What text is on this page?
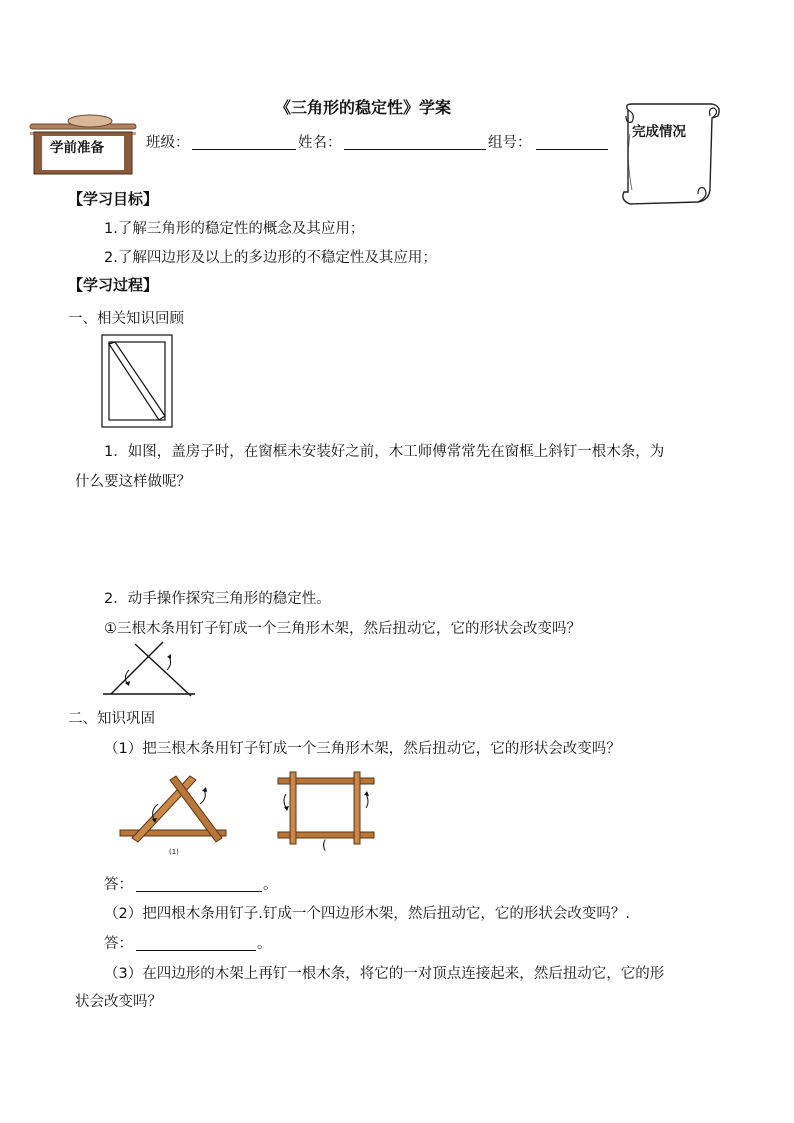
《三角形的稳定性》学案
学前准备	班级：	姓名：	组号：
完成情况
【学习目标】
1.了解三角形的稳定性的概念及其应用；
2.了解四边形及以上的多边形的不稳定性及其应用；
【学习过程】
一、相关知识回顾
1．如图，盖房子时，在窗框未安装好之前，木工师傅常常先在窗框上斜钉一根木条，为
什么要这样做呢？
2．动手操作探究三角形的稳定性。
①三根木条用钉子钉成一个三角形木架，然后扭动它，它的形状会改变吗？
二、知识巩固
（1）把三根木条用钉子钉成一个三角形木架，然后扭动它，它的形状会改变吗？
(1)	(
答：	。
（2）把四根木条用钉子.钉成一个四边形木架，然后扭动它，它的形状会改变吗？.
答：	。
（3）在四边形的木架上再钉一根木条，将它的一对顶点连接起来，然后扭动它，它的形
状会改变吗？
